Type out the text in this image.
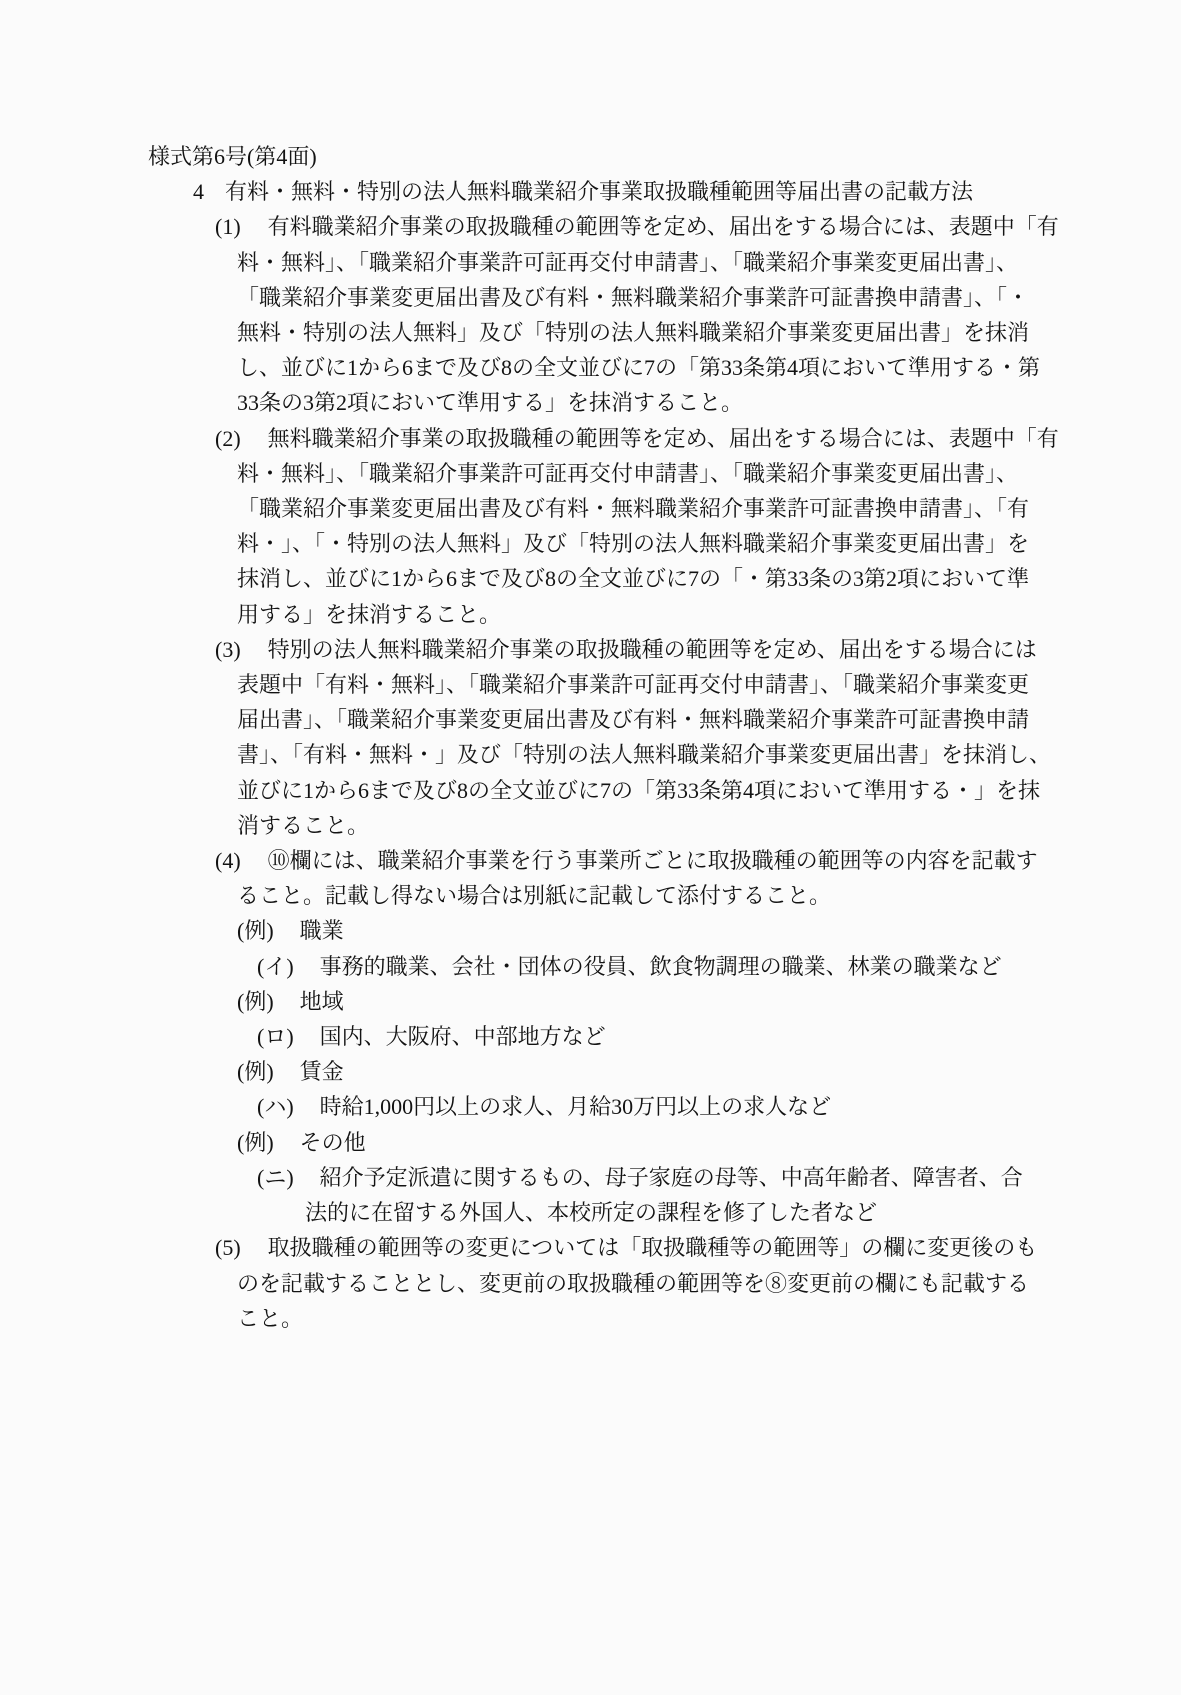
様式第6号(第4面)
4 有料・無料・特別の法人無料職業紹介事業取扱職種範囲等届出書の記載方法
(1) 有料職業紹介事業の取扱職種の範囲等を定め、届出をする場合には、表題中「有
料・無料」、「職業紹介事業許可証再交付申請書」、「職業紹介事業変更届出書」、
「職業紹介事業変更届出書及び有料・無料職業紹介事業許可証書換申請書」、「・
無料・特別の法人無料」及び「特別の法人無料職業紹介事業変更届出書」を抹消
し、並びに1から6まで及び8の全文並びに7の「第33条第4項において準用する・第
33条の3第2項において準用する」を抹消すること。
(2) 無料職業紹介事業の取扱職種の範囲等を定め、届出をする場合には、表題中「有
料・無料」、「職業紹介事業許可証再交付申請書」、「職業紹介事業変更届出書」、
「職業紹介事業変更届出書及び有料・無料職業紹介事業許可証書換申請書」、「有
料・」、「・特別の法人無料」及び「特別の法人無料職業紹介事業変更届出書」を
抹消し、並びに1から6まで及び8の全文並びに7の「・第33条の3第2項において準
用する」を抹消すること。
(3) 特別の法人無料職業紹介事業の取扱職種の範囲等を定め、届出をする場合には
表題中「有料・無料」、「職業紹介事業許可証再交付申請書」、「職業紹介事業変更
届出書」、「職業紹介事業変更届出書及び有料・無料職業紹介事業許可証書換申請
書」、「有料・無料・」及び「特別の法人無料職業紹介事業変更届出書」を抹消し、
並びに1から6まで及び8の全文並びに7の「第33条第4項において準用する・」を抹
消すること。
(4) ⑩欄には、職業紹介事業を行う事業所ごとに取扱職種の範囲等の内容を記載す
ること。記載し得ない場合は別紙に記載して添付すること。
(例) 職業
(イ) 事務的職業、会社・団体の役員、飲食物調理の職業、林業の職業など
(例) 地域
(ロ) 国内、大阪府、中部地方など
(例) 賃金
(ハ) 時給1,000円以上の求人、月給30万円以上の求人など
(例) その他
(ニ) 紹介予定派遣に関するもの、母子家庭の母等、中高年齢者、障害者、合
法的に在留する外国人、本校所定の課程を修了した者など
(5) 取扱職種の範囲等の変更については「取扱職種等の範囲等」の欄に変更後のも
のを記載することとし、変更前の取扱職種の範囲等を⑧変更前の欄にも記載する
こと。
